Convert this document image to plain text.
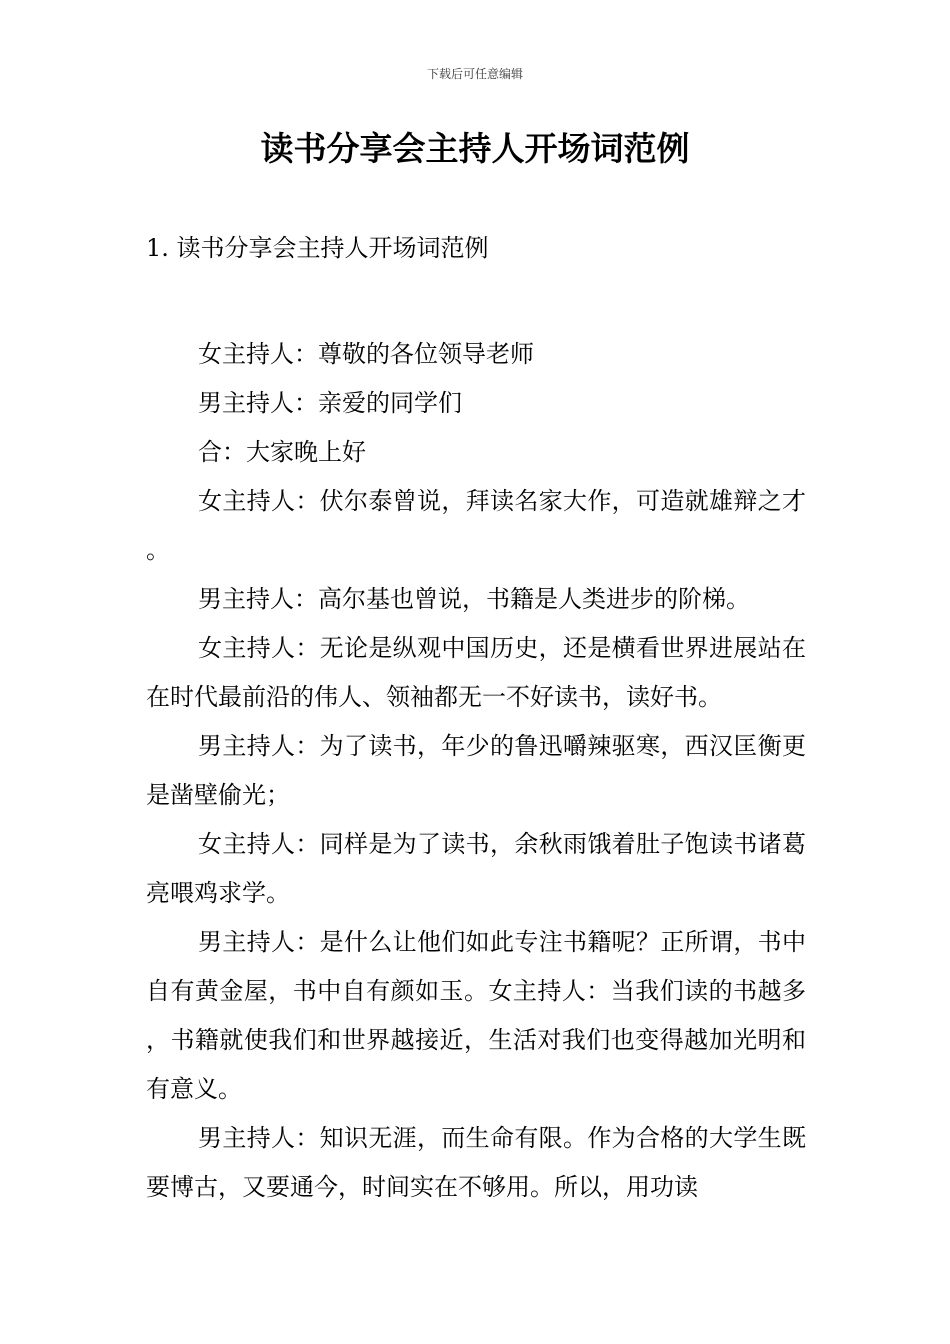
下载后可任意编辑
读书分享会主持人开场词范例

1. 读书分享会主持人开场词范例

女主持人：尊敬的各位领导老师

男主持人：亲爱的同学们

合：大家晚上好

女主持人：伏尔泰曾说，拜读名家大作，可造就雄辩之才。

男主持人：高尔基也曾说，书籍是人类进步的阶梯。

女主持人：无论是纵观中国历史，还是横看世界进展站在在时代最前沿的伟人、领袖都无一不好读书，读好书。

男主持人：为了读书，年少的鲁迅嚼辣驱寒，西汉匡衡更是凿壁偷光；

女主持人：同样是为了读书，余秋雨饿着肚子饱读书诸葛亮喂鸡求学。

男主持人：是什么让他们如此专注书籍呢？正所谓，书中自有黄金屋，书中自有颜如玉。女主持人：当我们读的书越多，书籍就使我们和世界越接近，生活对我们也变得越加光明和有意义。

男主持人：知识无涯，而生命有限。作为合格的大学生既要博古，又要通今，时间实在不够用。所以，用功读
